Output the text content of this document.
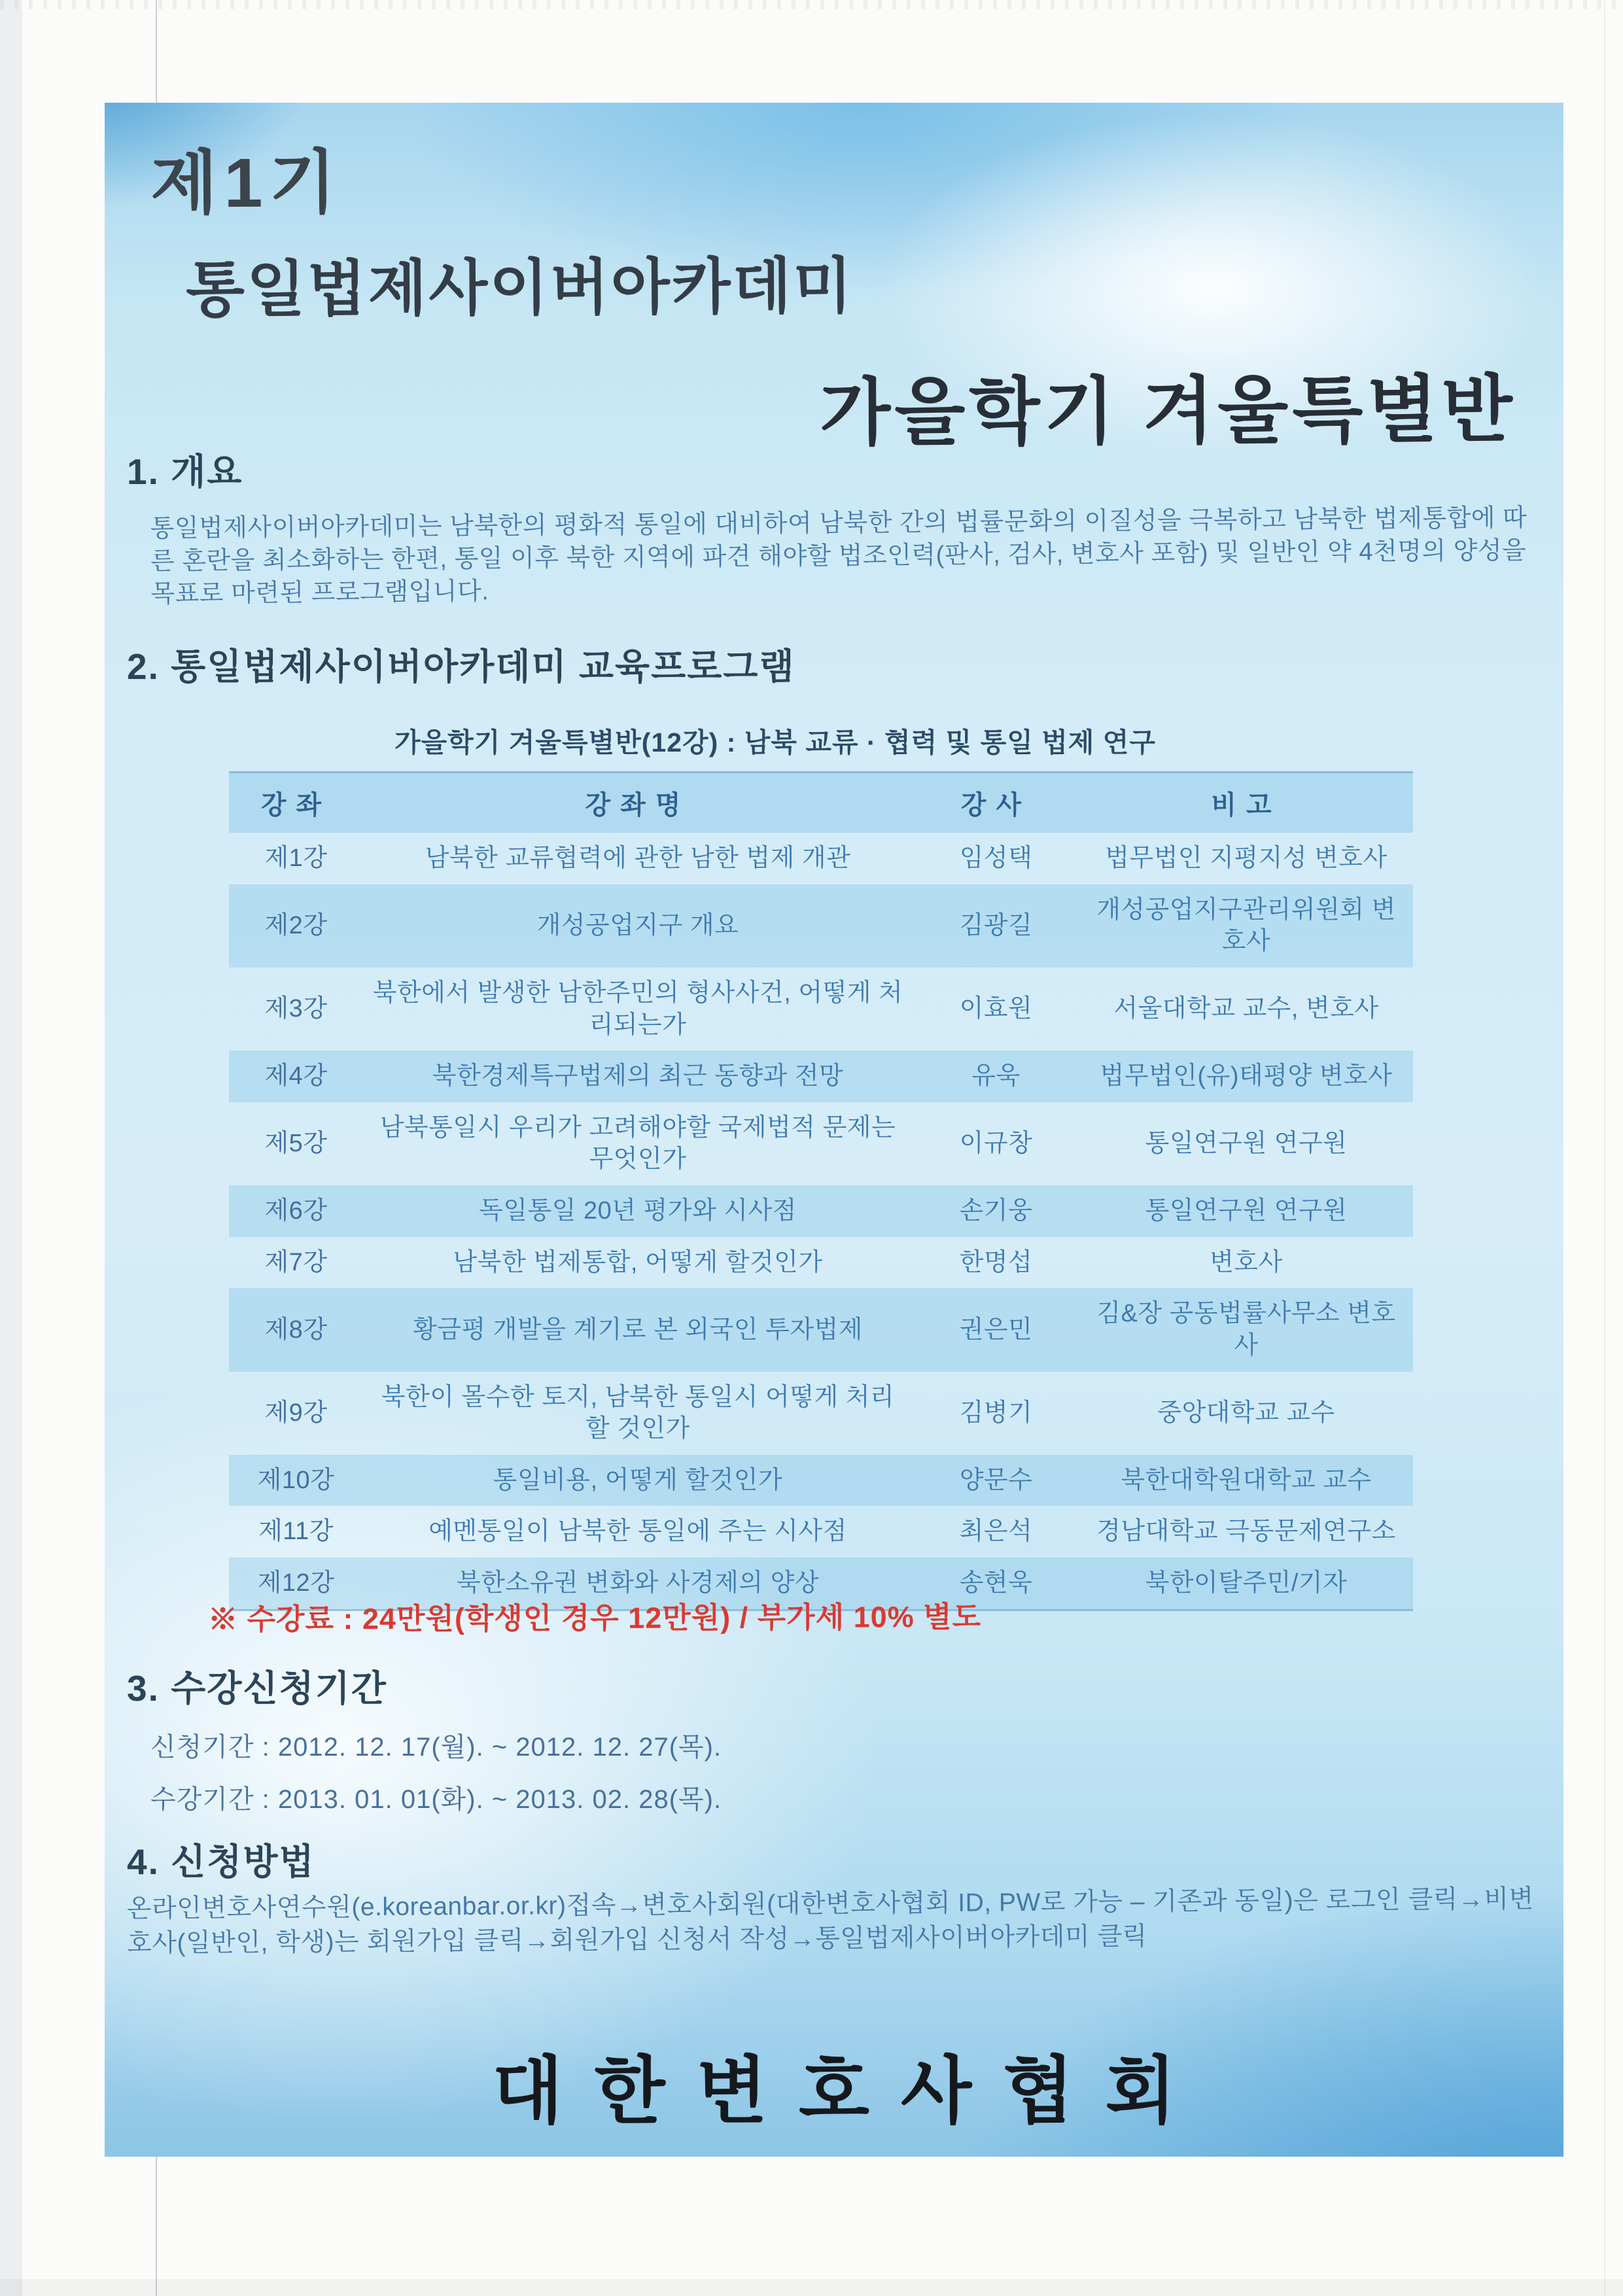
제1기
통일법제사이버아카데미
가을학기 겨울특별반
1. 개요
통일법제사이버아카데미는 남북한의 평화적 통일에 대비하여 남북한 간의 법률문화의 이질성을 극복하고 남북한 법제통합에 따른 혼란을 최소화하는 한편, 통일 이후 북한 지역에 파견 해야할 법조인력(판사, 검사, 변호사 포함) 및 일반인 약 4천명의 양성을 목표로 마련된 프로그램입니다.
2. 통일법제사이버아카데미 교육프로그램
가을학기 겨울특별반(12강) : 남북 교류 · 협력 및 통일 법제 연구
강좌	강좌명	강사	비고
제1강	남북한 교류협력에 관한 남한 법제 개관	임성택	법무법인 지평지성 변호사
제2강	개성공업지구 개요	김광길	개성공업지구관리위원회 변호사
제3강	북한에서 발생한 남한주민의 형사사건, 어떻게 처리되는가	이효원	서울대학교 교수, 변호사
제4강	북한경제특구법제의 최근 동향과 전망	유욱	법무법인(유)태평양 변호사
제5강	남북통일시 우리가 고려해야할 국제법적 문제는 무엇인가	이규창	통일연구원 연구원
제6강	독일통일 20년 평가와 시사점	손기웅	통일연구원 연구원
제7강	남북한 법제통합, 어떻게 할것인가	한명섭	변호사
제8강	황금평 개발을 계기로 본 외국인 투자법제	권은민	김&장 공동법률사무소 변호사
제9강	북한이 몰수한 토지, 남북한 통일시 어떻게 처리할 것인가	김병기	중앙대학교 교수
제10강	통일비용, 어떻게 할것인가	양문수	북한대학원대학교 교수
제11강	예멘통일이 남북한 통일에 주는 시사점	최은석	경남대학교 극동문제연구소
제12강	북한소유권 변화와 사경제의 양상	송현욱	북한이탈주민/기자
※ 수강료 : 24만원(학생인 경우 12만원) / 부가세 10% 별도
3. 수강신청기간
신청기간 : 2012. 12. 17(월). ~ 2012. 12. 27(목).
수강기간 : 2013. 01. 01(화). ~ 2013. 02. 28(목).
4. 신청방법
온라인변호사연수원(e.koreanbar.or.kr)접속→변호사회원(대한변호사협회 ID, PW로 가능 – 기존과 동일)은 로그인 클릭→비변호사(일반인, 학생)는 회원가입 클릭→회원가입 신청서 작성→통일법제사이버아카데미 클릭
대한변호사협회
